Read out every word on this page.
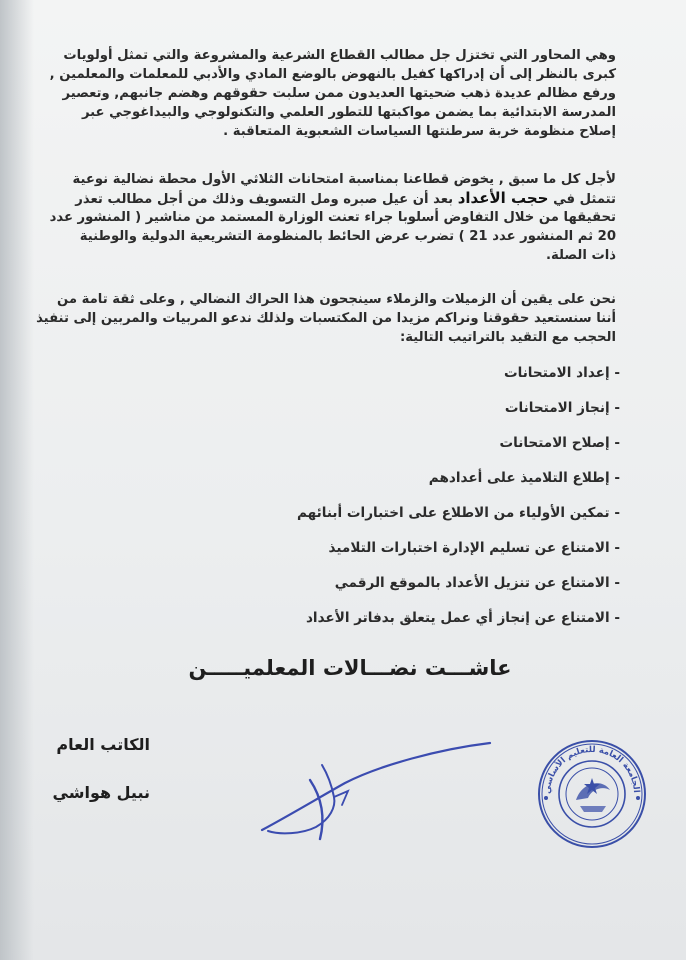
وهي المحاور التي تختزل جل مطالب القطاع الشرعية والمشروعة والتي تمثل أولويات
كبرى بالنظر إلى أن إدراكها كفيل بالنهوض بالوضع المادي والأدبي للمعلمات والمعلمين ,
ورفع مظالم عديدة ذهب ضحيتها العديدون ممن سلبت حقوقهم وهضم جانبهم, وتعصير
المدرسة الابتدائية بما يضمن مواكبتها للتطور العلمي والتكنولوجي والبيداغوجي عبر
إصلاح منظومة خربة سرطنتها السياسات الشعبوية المتعاقبة .
لأجل كل ما سبق , يخوض قطاعنا بمناسبة امتحانات الثلاثي الأول محطة نضالية نوعية
تتمثل في حجب الأعداد بعد أن عيل صبره ومل التسويف وذلك من أجل مطالب تعذر
تحقيقها من خلال التفاوض أسلوبا جراء تعنت الوزارة المستمد من مناشير ( المنشور عدد
20 ثم المنشور عدد 21 ) تضرب عرض الحائط بالمنظومة التشريعية الدولية والوطنية
ذات الصلة.
نحن على يقين أن الزميلات والزملاء سينجحون هذا الحراك النضالي , وعلى ثقة تامة من
أننا سنستعيد حقوقنا ونراكم مزيدا من المكتسبات ولذلك ندعو المربيات والمربين إلى تنفيذ
الحجب مع التقيد بالتراتيب التالية:
- إعداد الامتحانات
- إنجاز الامتحانات
- إصلاح الامتحانات
- إطلاع التلاميذ على أعدادهم
- تمكين الأولياء من الاطلاع على اختبارات أبنائهم
- الامتناع عن تسليم الإدارة اختبارات التلاميذ
- الامتناع عن تنزيل الأعداد بالموقع الرقمي
- الامتناع عن إنجاز أي عمل يتعلق بدفاتر الأعداد
عاشـــت نضـــالات المعلميـــــن
الكاتب العام
نبيل هواشي	الجامعة العامة للتعليم الأساسي
